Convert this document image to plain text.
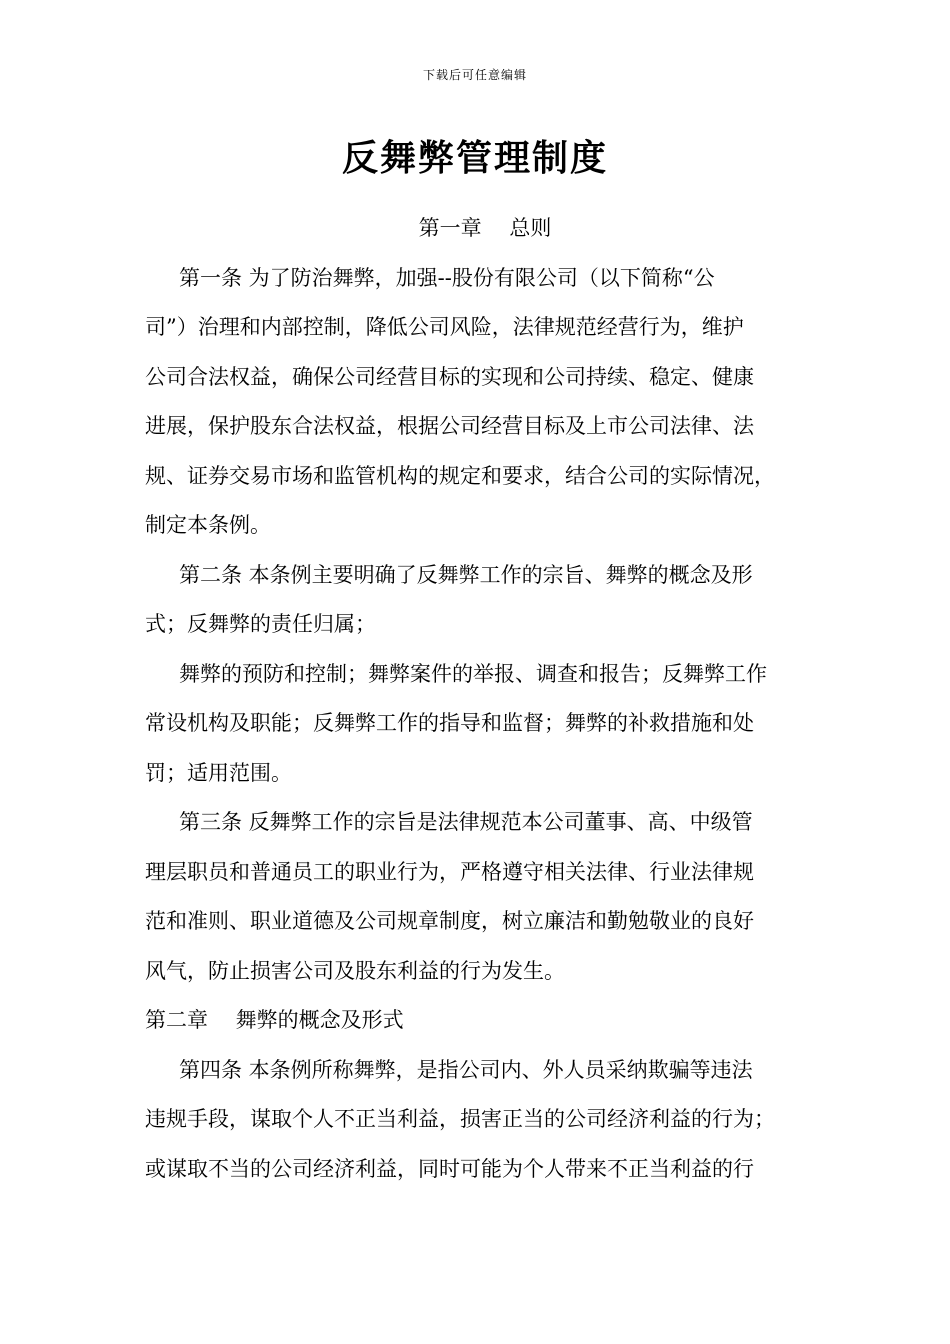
下载后可任意编辑
反舞弊管理制度
第一章　 总则
第一条 为了防治舞弊，加强--股份有限公司（以下简称“公
司”）治理和内部控制，降低公司风险，法律规范经营行为，维护
公司合法权益，确保公司经营目标的实现和公司持续、稳定、健康
进展，保护股东合法权益，根据公司经营目标及上市公司法律、法
规、证券交易市场和监管机构的规定和要求，结合公司的实际情况，
制定本条例。
第二条 本条例主要明确了反舞弊工作的宗旨、舞弊的概念及形
式；反舞弊的责任归属；
舞弊的预防和控制；舞弊案件的举报、调查和报告；反舞弊工作
常设机构及职能；反舞弊工作的指导和监督；舞弊的补救措施和处
罚；适用范围。
第三条 反舞弊工作的宗旨是法律规范本公司董事、高、中级管
理层职员和普通员工的职业行为，严格遵守相关法律、行业法律规
范和准则、职业道德及公司规章制度，树立廉洁和勤勉敬业的良好
风气，防止损害公司及股东利益的行为发生。
第二章　 舞弊的概念及形式
第四条 本条例所称舞弊，是指公司内、外人员采纳欺骗等违法
违规手段，谋取个人不正当利益，损害正当的公司经济利益的行为；
或谋取不当的公司经济利益，同时可能为个人带来不正当利益的行
